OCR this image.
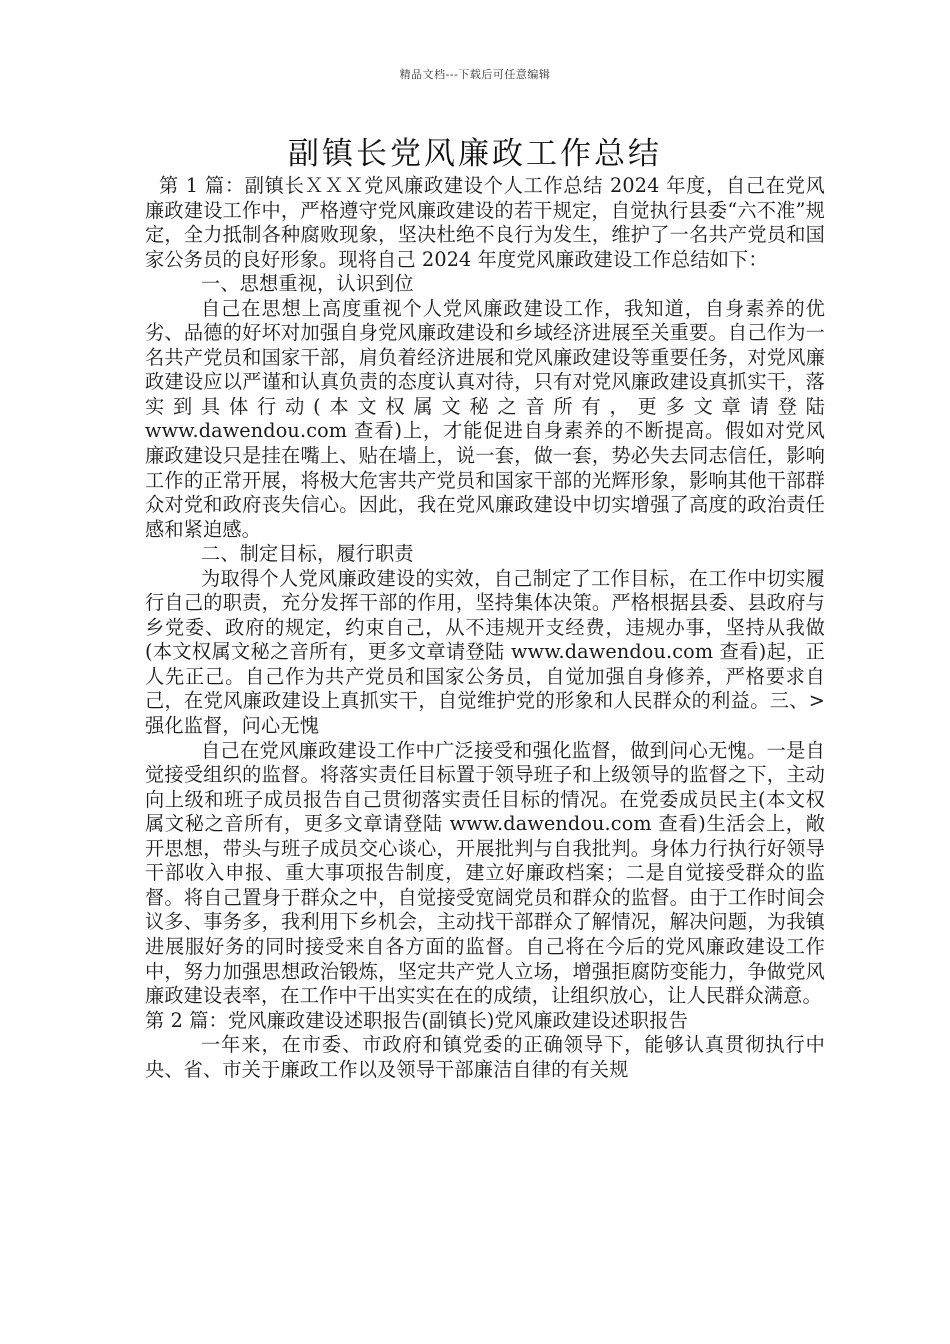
精品文档---下载后可任意编辑
副镇长党风廉政工作总结

第 1 篇：副镇长ＸＸＸ党风廉政建设个人工作总结 2024 年度，自己在党风廉政建设工作中，严格遵守党风廉政建设的若干规定，自觉执行县委“六不准”规定，全力抵制各种腐败现象，坚决杜绝不良行为发生，维护了一名共产党员和国家公务员的良好形象。现将自己 2024 年度党风廉政建设工作总结如下：

一、思想重视，认识到位

自己在思想上高度重视个人党风廉政建设工作，我知道，自身素养的优劣、品德的好坏对加强自身党风廉政建设和乡域经济进展至关重要。自己作为一名共产党员和国家干部，肩负着经济进展和党风廉政建设等重要任务，对党风廉政建设应以严谨和认真负责的态度认真对待，只有对党风廉政建设真抓实干，落实到具体行动(本文权属文秘之音所有，更多文章请登陆 www.dawendou.com 查看)上，才能促进自身素养的不断提高。假如对党风廉政建设只是挂在嘴上、贴在墙上，说一套，做一套，势必失去同志信任，影响工作的正常开展，将极大危害共产党员和国家干部的光辉形象，影响其他干部群众对党和政府丧失信心。因此，我在党风廉政建设中切实增强了高度的政治责任感和紧迫感。

二、制定目标，履行职责

为取得个人党风廉政建设的实效，自己制定了工作目标，在工作中切实履行自己的职责，充分发挥干部的作用，坚持集体决策。严格根据县委、县政府与乡党委、政府的规定，约束自己，从不违规开支经费，违规办事，坚持从我做(本文权属文秘之音所有，更多文章请登陆 www.dawendou.com 查看)起，正人先正己。自己作为共产党员和国家公务员，自觉加强自身修养，严格要求自己，在党风廉政建设上真抓实干，自觉维护党的形象和人民群众的利益。三、>强化监督，问心无愧

自己在党风廉政建设工作中广泛接受和强化监督，做到问心无愧。一是自觉接受组织的监督。将落实责任目标置于领导班子和上级领导的监督之下，主动向上级和班子成员报告自己贯彻落实责任目标的情况。在党委成员民主(本文权属文秘之音所有，更多文章请登陆 www.dawendou.com 查看)生活会上，敞开思想，带头与班子成员交心谈心，开展批判与自我批判。身体力行执行好领导干部收入申报、重大事项报告制度，建立好廉政档案；二是自觉接受群众的监督。将自己置身于群众之中，自觉接受宽阔党员和群众的监督。由于工作时间会议多、事务多，我利用下乡机会，主动找干部群众了解情况，解决问题，为我镇进展服好务的同时接受来自各方面的监督。自己将在今后的党风廉政建设工作中，努力加强思想政治锻炼，坚定共产党人立场，增强拒腐防变能力，争做党风廉政建设表率，在工作中干出实实在在的成绩，让组织放心，让人民群众满意。

第 2 篇：党风廉政建设述职报告(副镇长)党风廉政建设述职报告

一年来，在市委、市政府和镇党委的正确领导下，能够认真贯彻执行中央、省、市关于廉政工作以及领导干部廉洁自律的有关规
